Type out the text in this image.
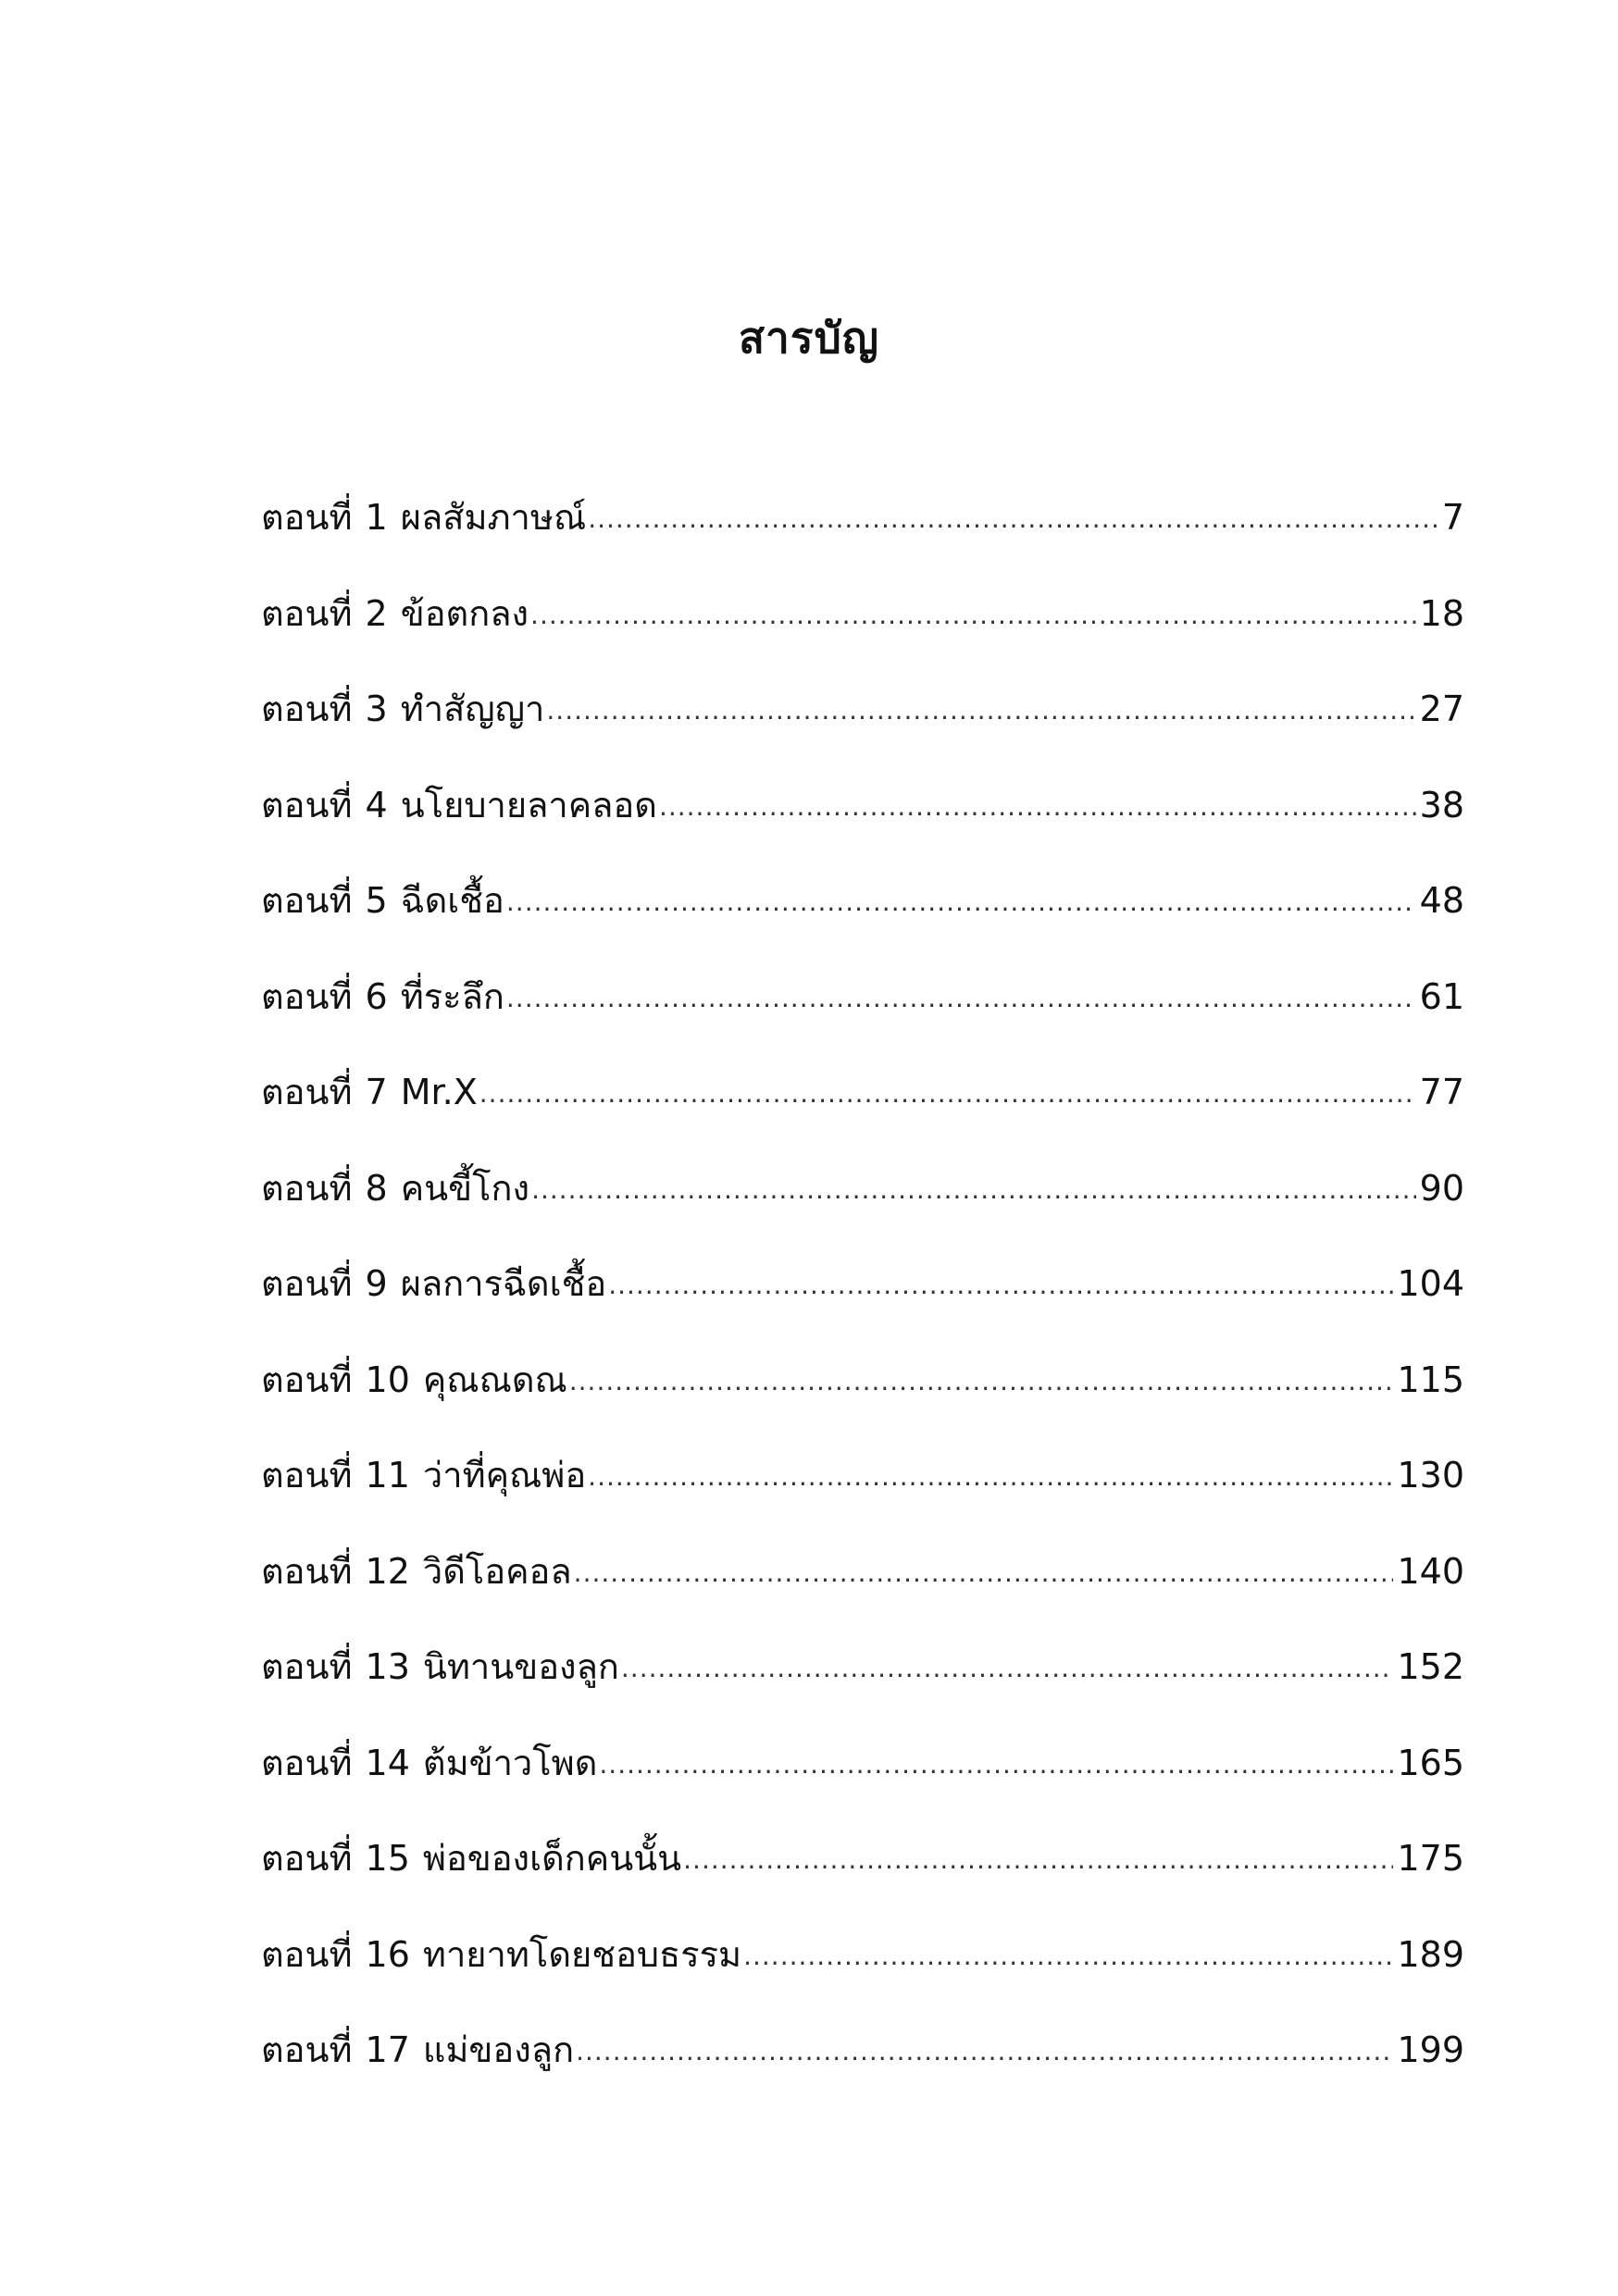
สารบัญ
ตอนที่ 1 ผลสัมภาษณ์ .....	7
ตอนที่ 2 ข้อตกลง .....	18
ตอนที่ 3 ทำสัญญา .....	27
ตอนที่ 4 นโยบายลาคลอด .....	38
ตอนที่ 5 ฉีดเชื้อ .....	48
ตอนที่ 6 ที่ระลึก .....	61
ตอนที่ 7 Mr.X .....	77
ตอนที่ 8 คนขี้โกง .....	90
ตอนที่ 9 ผลการฉีดเชื้อ .....	104
ตอนที่ 10 คุณณดณ .....	115
ตอนที่ 11 ว่าที่คุณพ่อ .....	130
ตอนที่ 12 วิดีโอคอล .....	140
ตอนที่ 13 นิทานของลูก .....	152
ตอนที่ 14 ต้มข้าวโพด .....	165
ตอนที่ 15 พ่อของเด็กคนนั้น .....	175
ตอนที่ 16 ทายาทโดยชอบธรรม .....	189
ตอนที่ 17 แม่ของลูก .....	199
